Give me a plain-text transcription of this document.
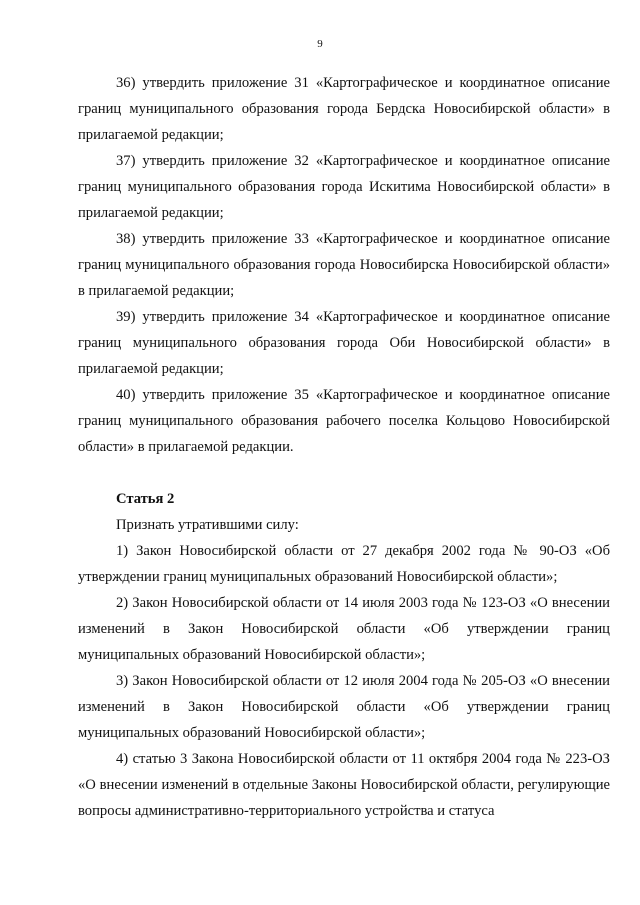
9

36) утвердить приложение 31 «Картографическое и координатное описание границ муниципального образования города Бердска Новосибирской области» в прилагаемой редакции;

37) утвердить приложение 32 «Картографическое и координатное описание границ муниципального образования города Искитима Новосибирской области» в прилагаемой редакции;

38) утвердить приложение 33 «Картографическое и координатное описание границ муниципального образования города Новосибирска Новосибирской области» в прилагаемой редакции;

39) утвердить приложение 34 «Картографическое и координатное описание границ муниципального образования города Оби Новосибирской области» в прилагаемой редакции;

40) утвердить приложение 35 «Картографическое и координатное описание границ муниципального образования рабочего поселка Кольцово Новосибирской области» в прилагаемой редакции.

Статья 2

Признать утратившими силу:

1) Закон Новосибирской области от 27 декабря 2002 года № 90-ОЗ «Об утверждении границ муниципальных образований Новосибирской области»;

2) Закон Новосибирской области от 14 июля 2003 года № 123-ОЗ «О внесении изменений в Закон Новосибирской области «Об утверждении границ муниципальных образований Новосибирской области»;

3) Закон Новосибирской области от 12 июля 2004 года № 205-ОЗ «О внесении изменений в Закон Новосибирской области «Об утверждении границ муниципальных образований Новосибирской области»;

4) статью 3 Закона Новосибирской области от 11 октября 2004 года № 223-ОЗ «О внесении изменений в отдельные Законы Новосибирской области, регулирующие вопросы административно-территориального устройства и статуса
